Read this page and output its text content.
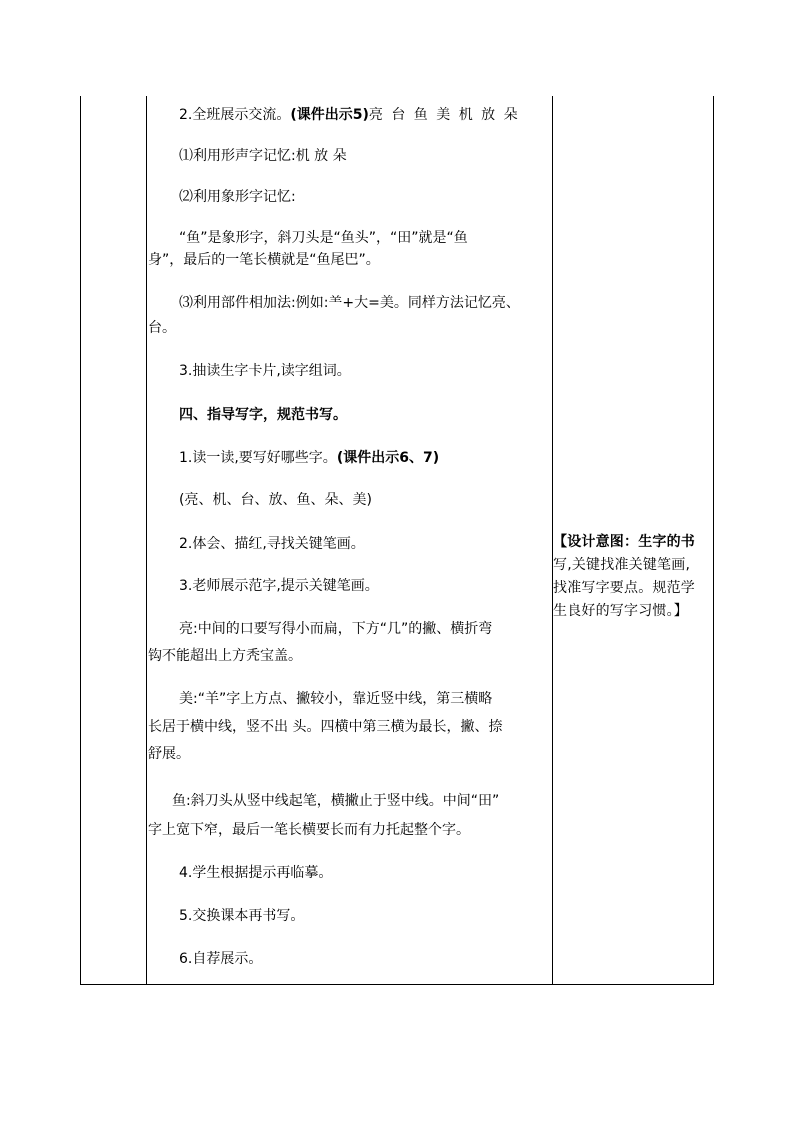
2.全班展示交流。(课件出示5)亮 台 鱼 美 机 放 朵
⑴利用形声字记忆:机 放 朵
⑵利用象形字记忆:
“鱼”是象形字，斜刀头是“鱼头”，“田”就是“鱼
身”，最后的一笔长横就是“鱼尾巴”。
⑶利用部件相加法:例如:⺷+大=美。同样方法记忆亮、
台。
3.抽读生字卡片,读字组词。
四、指导写字，规范书写。
1.读一读,要写好哪些字。(课件出示6、7)
(亮、机、台、放、鱼、朵、美)
2.体会、描红,寻找关键笔画。
3.老师展示范字,提示关键笔画。
亮:中间的口要写得小而扁，下方“几”的撇、横折弯
钩不能超出上方秃宝盖。
美:“羊”字上方点、撇较小，靠近竖中线，第三横略
长居于横中线，竖不出 头。四横中第三横为最长，撇、捺
舒展。
鱼:斜刀头从竖中线起笔，横撇止于竖中线。中间“田”
字上宽下窄，最后一笔长横要长而有力托起整个字。
4.学生根据提示再临摹。
5.交换课本再书写。
6.自荐展示。
【设计意图：生字的书
写,关键找准关键笔画,
找准写字要点。规范学
生良好的写字习惯。】
